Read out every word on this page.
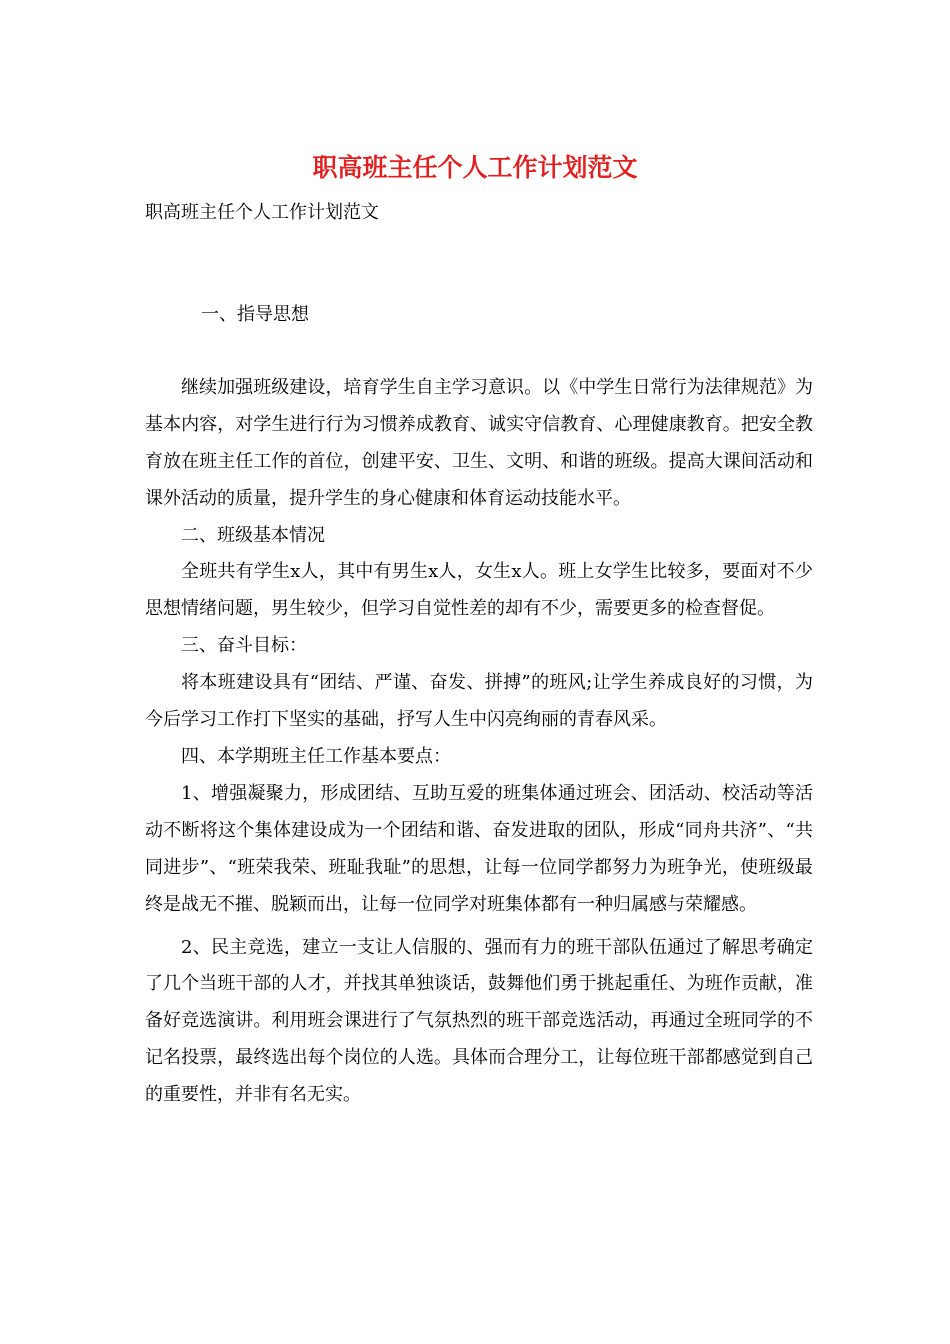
职高班主任个人工作计划范文
职高班主任个人工作计划范文

一、指导思想

继续加强班级建设，培育学生自主学习意识。以《中学生日常行为法律规范》为基本内容，对学生进行行为习惯养成教育、诚实守信教育、心理健康教育。把安全教育放在班主任工作的首位，创建平安、卫生、文明、和谐的班级。提高大课间活动和课外活动的质量，提升学生的身心健康和体育运动技能水平。

二、班级基本情况

全班共有学生x人，其中有男生x人，女生x人。班上女学生比较多，要面对不少思想情绪问题，男生较少，但学习自觉性差的却有不少，需要更多的检查督促。

三、奋斗目标：

将本班建设具有“团结、严谨、奋发、拼搏”的班风;让学生养成良好的习惯，为今后学习工作打下坚实的基础，抒写人生中闪亮绚丽的青春风采。

四、本学期班主任工作基本要点：

1、增强凝聚力，形成团结、互助互爱的班集体通过班会、团活动、校活动等活动不断将这个集体建设成为一个团结和谐、奋发进取的团队，形成“同舟共济”、“共同进步”、“班荣我荣、班耻我耻”的思想，让每一位同学都努力为班争光，使班级最终是战无不摧、脱颖而出，让每一位同学对班集体都有一种归属感与荣耀感。

2、民主竞选，建立一支让人信服的、强而有力的班干部队伍通过了解思考确定了几个当班干部的人才，并找其单独谈话，鼓舞他们勇于挑起重任、为班作贡献，准备好竞选演讲。利用班会课进行了气氛热烈的班干部竞选活动，再通过全班同学的不记名投票，最终选出每个岗位的人选。具体而合理分工，让每位班干部都感觉到自己的重要性，并非有名无实。
